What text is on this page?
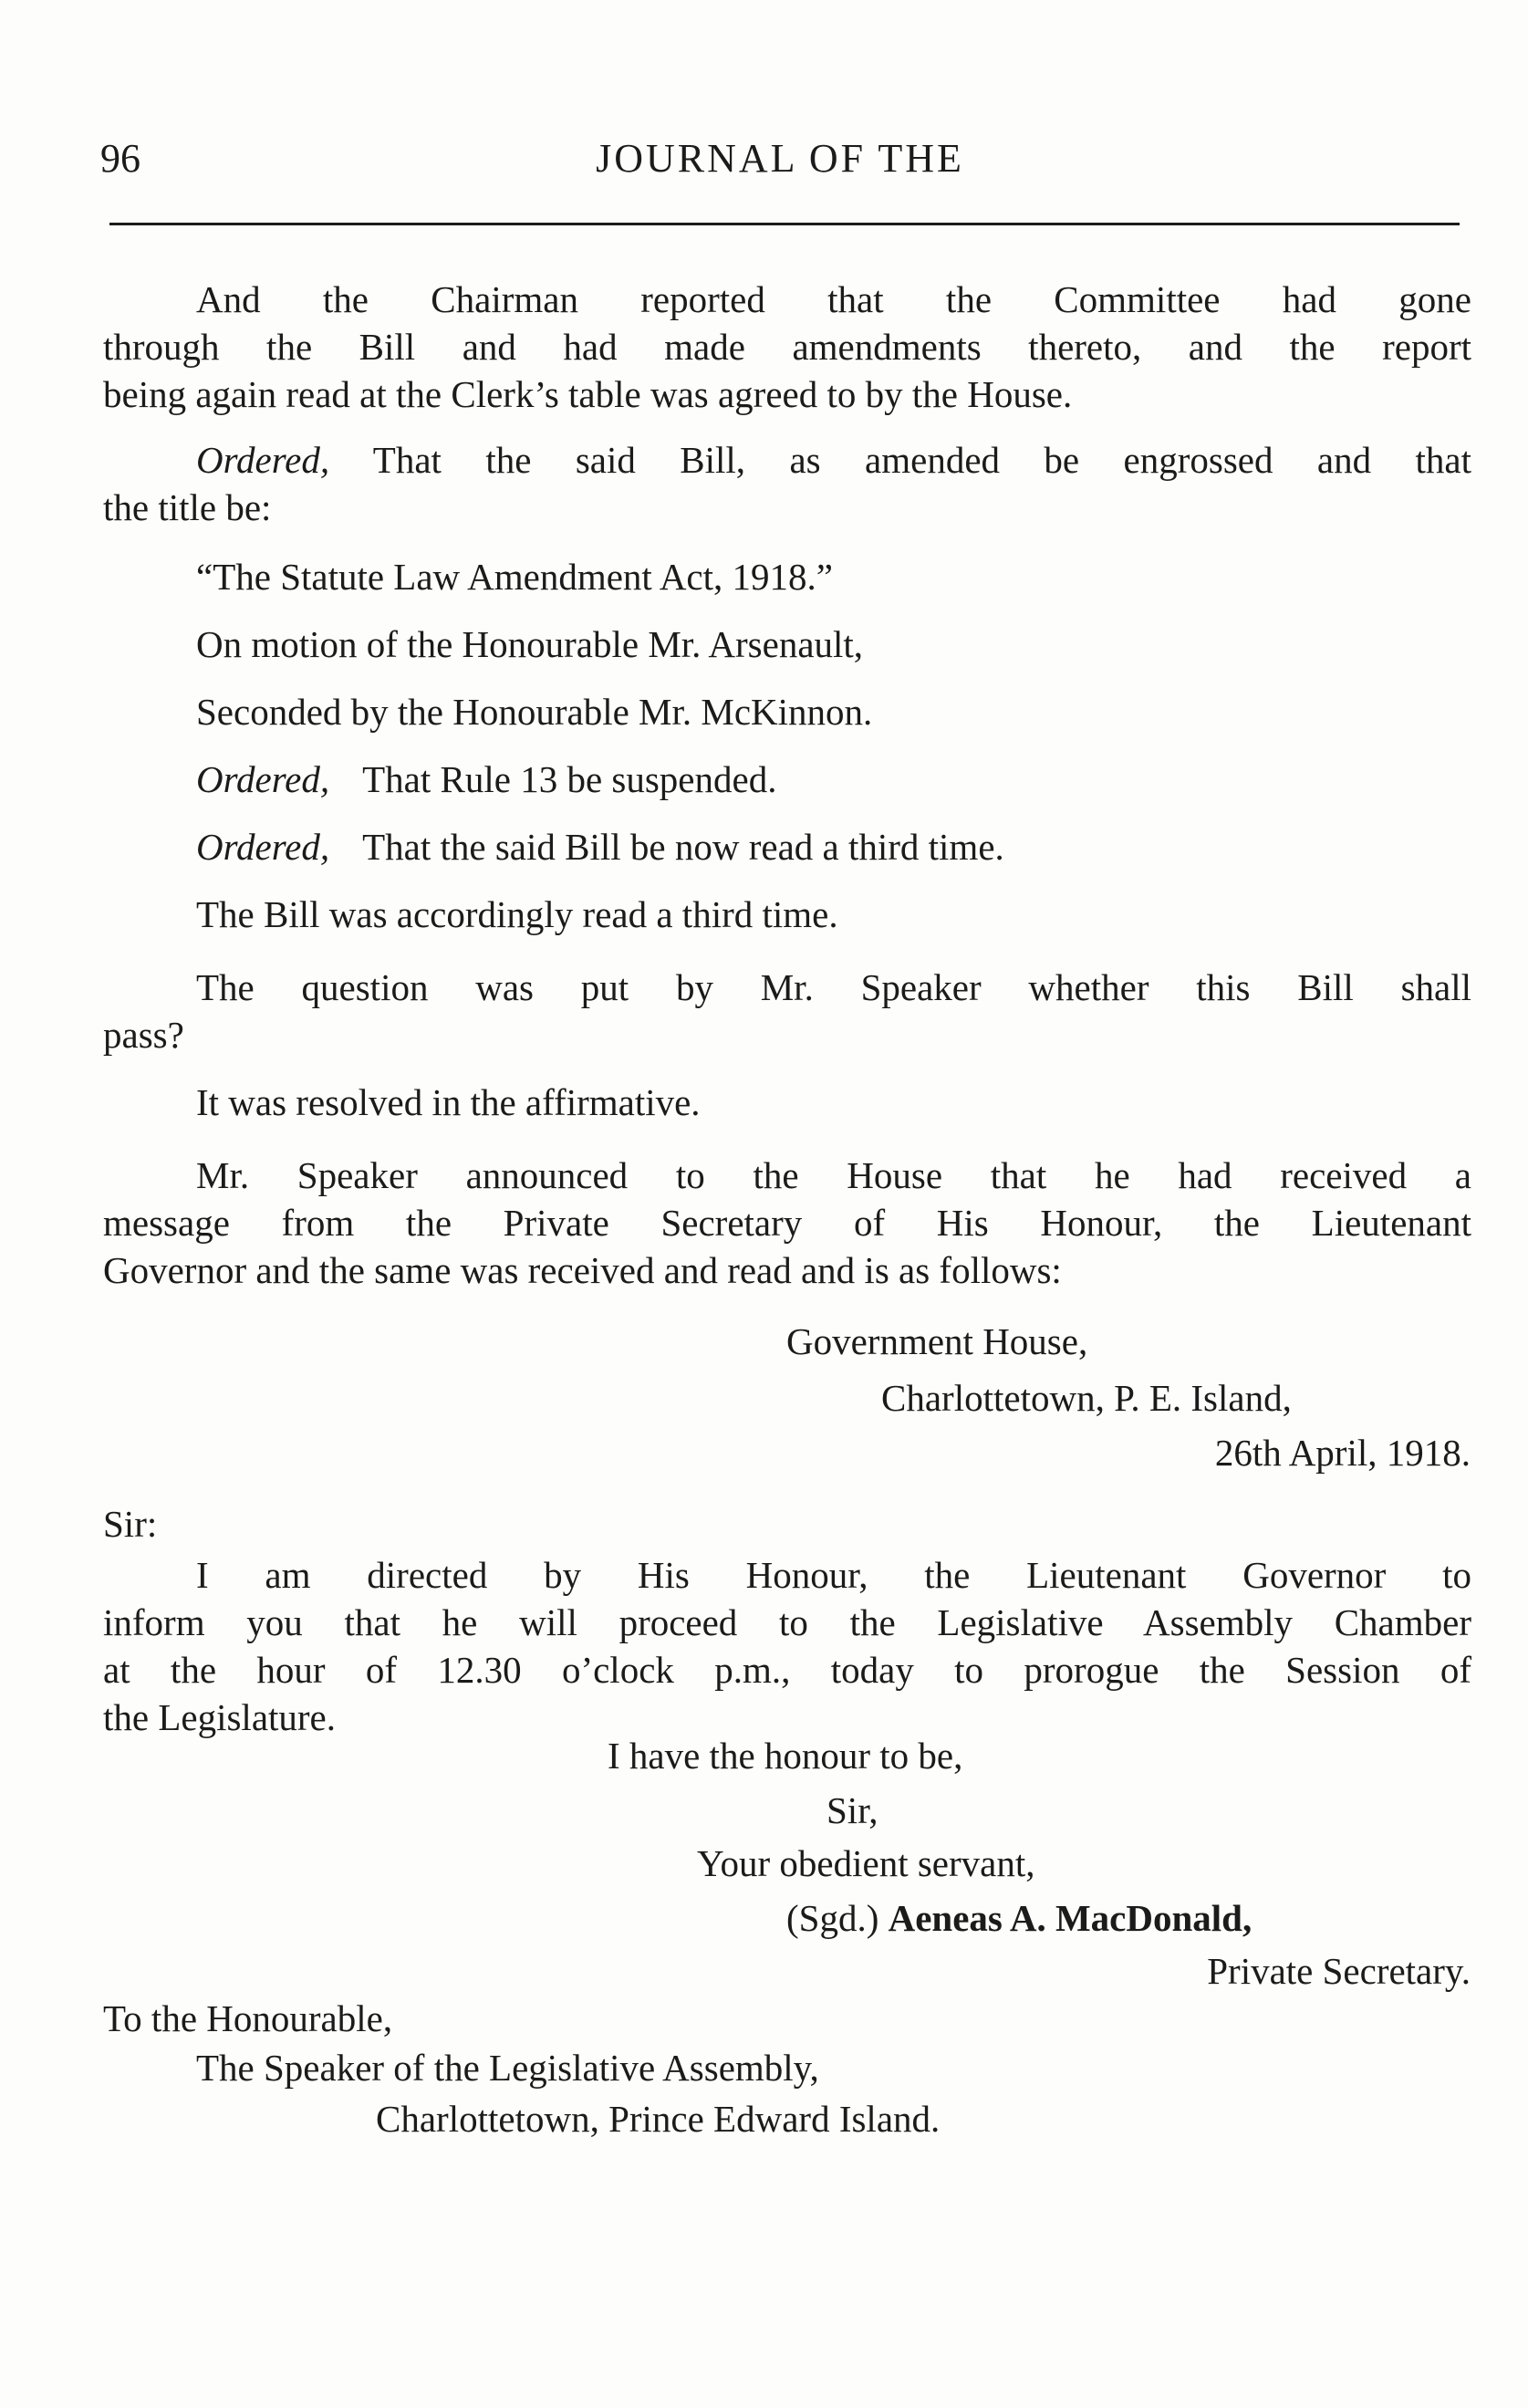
96	JOURNAL OF THE
And the Chairman reported that the Committee had gone
through the Bill and had made amendments thereto, and the report
being again read at the Clerk’s table was agreed to by the House.
Ordered, That the said Bill, as amended be engrossed and that
the title be:
“The Statute Law Amendment Act, 1918.”
On motion of the Honourable Mr. Arsenault,
Seconded by the Honourable Mr. McKinnon.
Ordered, That Rule 13 be suspended.
Ordered, That the said Bill be now read a third time.
The Bill was accordingly read a third time.
The question was put by Mr. Speaker whether this Bill shall
pass?
It was resolved in the affirmative.
Mr. Speaker announced to the House that he had received a
message from the Private Secretary of His Honour, the Lieutenant
Governor and the same was received and read and is as follows:
Government House,
Charlottetown, P. E. Island,
26th April, 1918.
Sir:
I am directed by His Honour, the Lieutenant Governor to
inform you that he will proceed to the Legislative Assembly Chamber
at the hour of 12.30 o’clock p.m., today to prorogue the Session of
the Legislature.
I have the honour to be,
Sir,
Your obedient servant,
(Sgd.) Aeneas A. MacDonald,
Private Secretary.
To the Honourable,
The Speaker of the Legislative Assembly,
Charlottetown, Prince Edward Island.
